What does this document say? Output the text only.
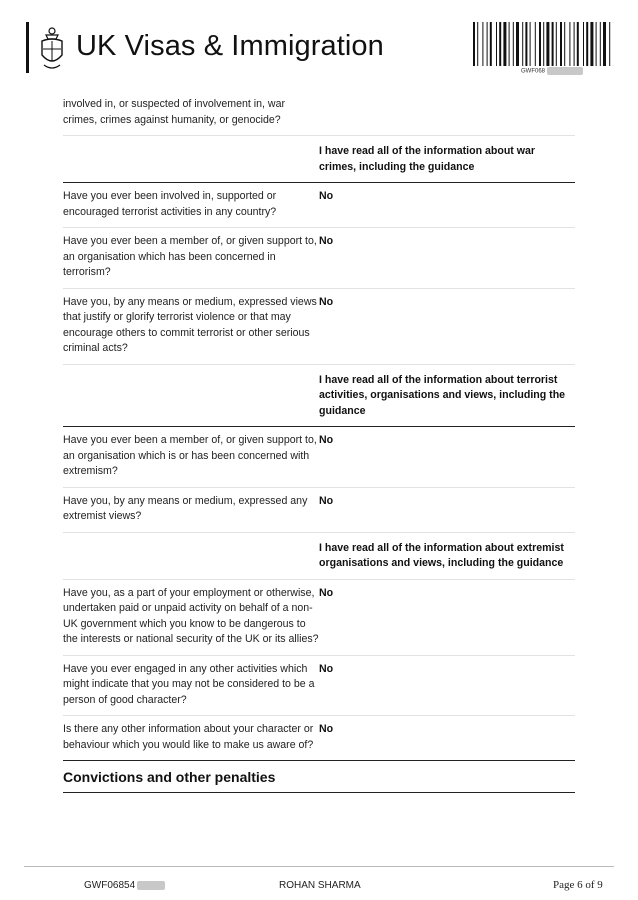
UK Visas & Immigration
GWF068
involved in, or suspected of involvement in, war crimes, crimes against humanity, or genocide?
I have read all of the information about war crimes, including the guidance
Have you ever been involved in, supported or encouraged terrorist activities in any country?
No
Have you ever been a member of, or given support to, an organisation which has been concerned in terrorism?
No
Have you, by any means or medium, expressed views that justify or glorify terrorist violence or that may encourage others to commit terrorist or other serious criminal acts?
No
I have read all of the information about terrorist activities, organisations and views, including the guidance
Have you ever been a member of, or given support to, an organisation which is or has been concerned with extremism?
No
Have you, by any means or medium, expressed any extremist views?
No
I have read all of the information about extremist organisations and views, including the guidance
Have you, as a part of your employment or otherwise, undertaken paid or unpaid activity on behalf of a non-UK government which you know to be dangerous to the interests or national security of the UK or its allies?
No
Have you ever engaged in any other activities which might indicate that you may not be considered to be a person of good character?
No
Is there any other information about your character or behaviour which you would like to make us aware of?
No
Convictions and other penalties
GWF06854	ROHAN SHARMA	Page 6 of 9
